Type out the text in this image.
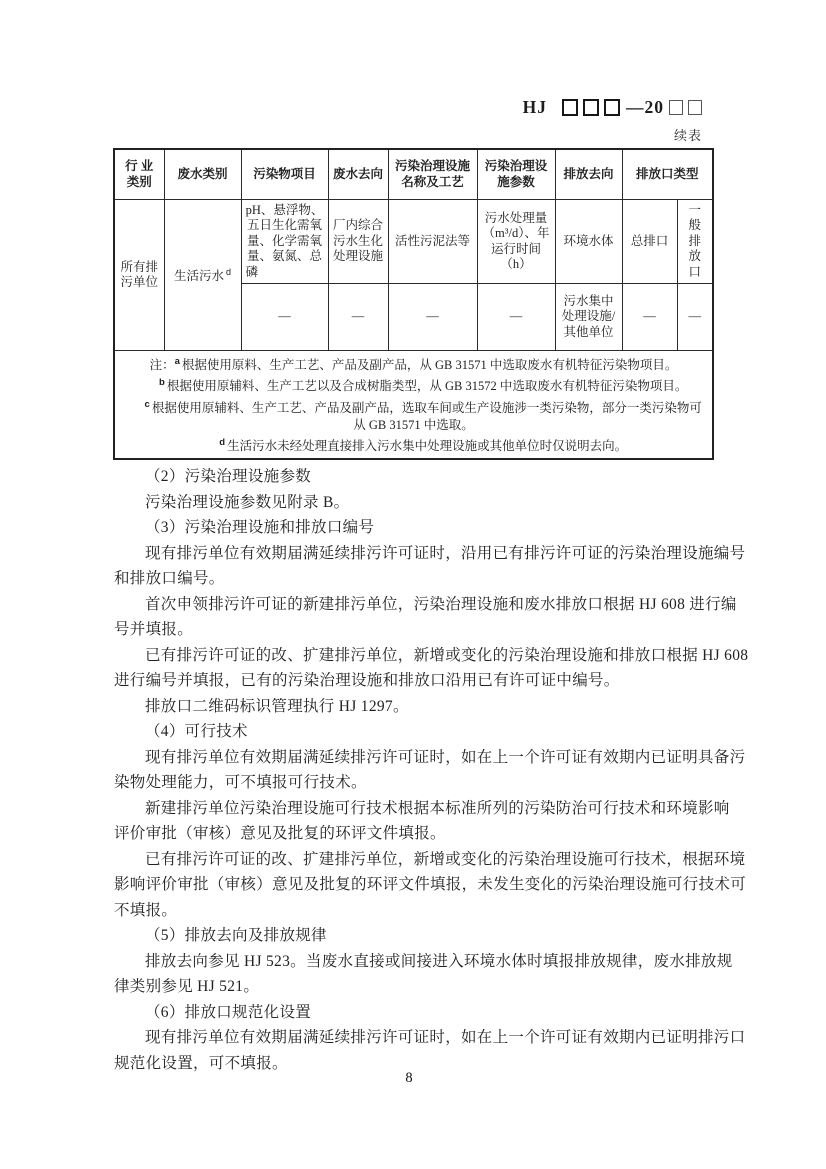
HJ	—20
续表
行 业 类别	废水类别	污染物项目	废水去向	污染治理设施名称及工艺	污染治理设施参数	排放去向	排放口类型	
所有排污单位	生活污水 $^d$	pH、悬浮物、五日生化需氧量、化学需氧量、氨氮、总磷	厂内综合污水生化处理设施	活性污泥法等	污水处理量（m³/d）、年运行时间（h）	环境水体	总排口	一般排放口

		—	—	—	—	污水集中处理设施/其他单位	—	—

注：$^a$ 根据使用原料、生产工艺、产品及副产品，从 GB 31571 中选取废水有机特征污染物项目。

$^b$ 根据使用原辅料、生产工艺以及合成树脂类型，从 GB 31572 中选取废水有机特征污染物项目。

$^c$ 根据使用原辅料、生产工艺、产品及副产品，选取车间或生产设施涉一类污染物，部分一类污染物可从 GB 31571 中选取。

$^d$ 生活污水未经处理直接排入污水集中处理设施或其他单位时仅说明去向。								

（2）污染治理设施参数
污染治理设施参数见附录 B。
（3）污染治理设施和排放口编号
现有排污单位有效期届满延续排污许可证时，沿用已有排污许可证的污染治理设施编号
和排放口编号。
首次申领排污许可证的新建排污单位，污染治理设施和废水排放口根据 HJ 608 进行编
号并填报。
已有排污许可证的改、扩建排污单位，新增或变化的污染治理设施和排放口根据 HJ 608
进行编号并填报，已有的污染治理设施和排放口沿用已有许可证中编号。
排放口二维码标识管理执行 HJ 1297。
（4）可行技术
现有排污单位有效期届满延续排污许可证时，如在上一个许可证有效期内已证明具备污
染物处理能力，可不填报可行技术。
新建排污单位污染治理设施可行技术根据本标准所列的污染防治可行技术和环境影响
评价审批（审核）意见及批复的环评文件填报。
已有排污许可证的改、扩建排污单位，新增或变化的污染治理设施可行技术，根据环境
影响评价审批（审核）意见及批复的环评文件填报，未发生变化的污染治理设施可行技术可
不填报。
（5）排放去向及排放规律
排放去向参见 HJ 523。当废水直接或间接进入环境水体时填报排放规律，废水排放规
律类别参见 HJ 521。
（6）排放口规范化设置
现有排污单位有效期届满延续排污许可证时，如在上一个许可证有效期内已证明排污口
规范化设置，可不填报。
8
